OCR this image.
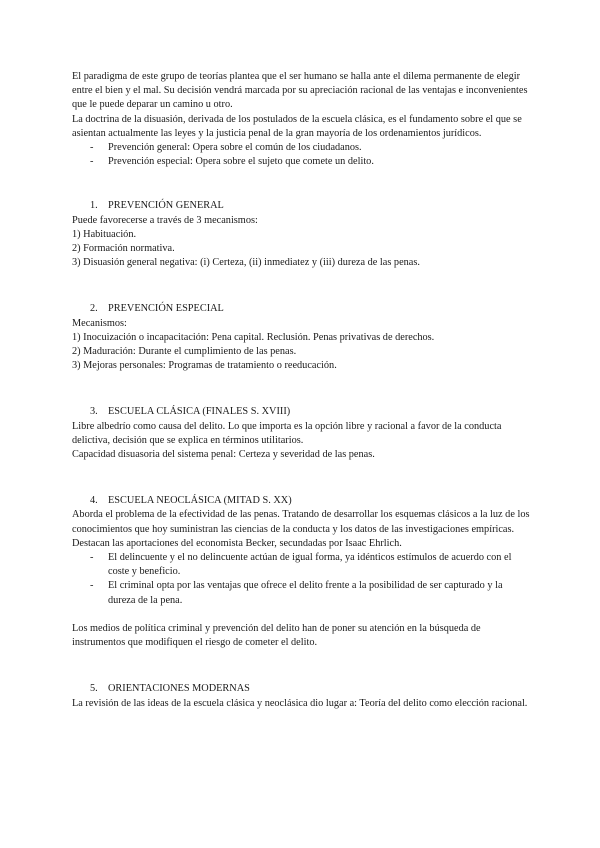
El paradigma de este grupo de teorías plantea que el ser humano se halla ante el dilema permanente de elegir entre el bien y el mal. Su decisión vendrá marcada por su apreciación racional de las ventajas e inconvenientes que le puede deparar un camino u otro.

La doctrina de la disuasión, derivada de los postulados de la escuela clásica, es el fundamento sobre el que se asientan actualmente las leyes y la justicia penal de la gran mayoría de los ordenamientos jurídicos.

- Prevención general: Opera sobre el común de los ciudadanos.
- Prevención especial: Opera sobre el sujeto que comete un delito.
1. PREVENCIÓN GENERAL

Puede favorecerse a través de 3 mecanismos:

1) Habituación.

2) Formación normativa.

3) Disuasión general negativa: (i) Certeza, (ii) inmediatez y (iii) dureza de las penas.

2. PREVENCIÓN ESPECIAL

Mecanismos:

1) Inocuización o incapacitación: Pena capital. Reclusión. Penas privativas de derechos.

2) Maduración: Durante el cumplimiento de las penas.

3) Mejoras personales: Programas de tratamiento o reeducación.

3. ESCUELA CLÁSICA (FINALES S. XVIII)

Libre albedrío como causa del delito. Lo que importa es la opción libre y racional a favor de la conducta delictiva, decisión que se explica en términos utilitarios.

Capacidad disuasoria del sistema penal: Certeza y severidad de las penas.

4. ESCUELA NEOCLÁSICA (MITAD S. XX)

Aborda el problema de la efectividad de las penas. Tratando de desarrollar los esquemas clásicos a la luz de los conocimientos que hoy suministran las ciencias de la conducta y los datos de las investigaciones empíricas.

Destacan las aportaciones del economista Becker, secundadas por Isaac Ehrlich.

- El delincuente y el no delincuente actúan de igual forma, ya idénticos estímulos de acuerdo con el coste y beneficio.
- El criminal opta por las ventajas que ofrece el delito frente a la posibilidad de ser capturado y la dureza de la pena.

Los medios de política criminal y prevención del delito han de poner su atención en la búsqueda de instrumentos que modifiquen el riesgo de cometer el delito.

5. ORIENTACIONES MODERNAS

La revisión de las ideas de la escuela clásica y neoclásica dio lugar a: Teoría del delito como elección racional.
